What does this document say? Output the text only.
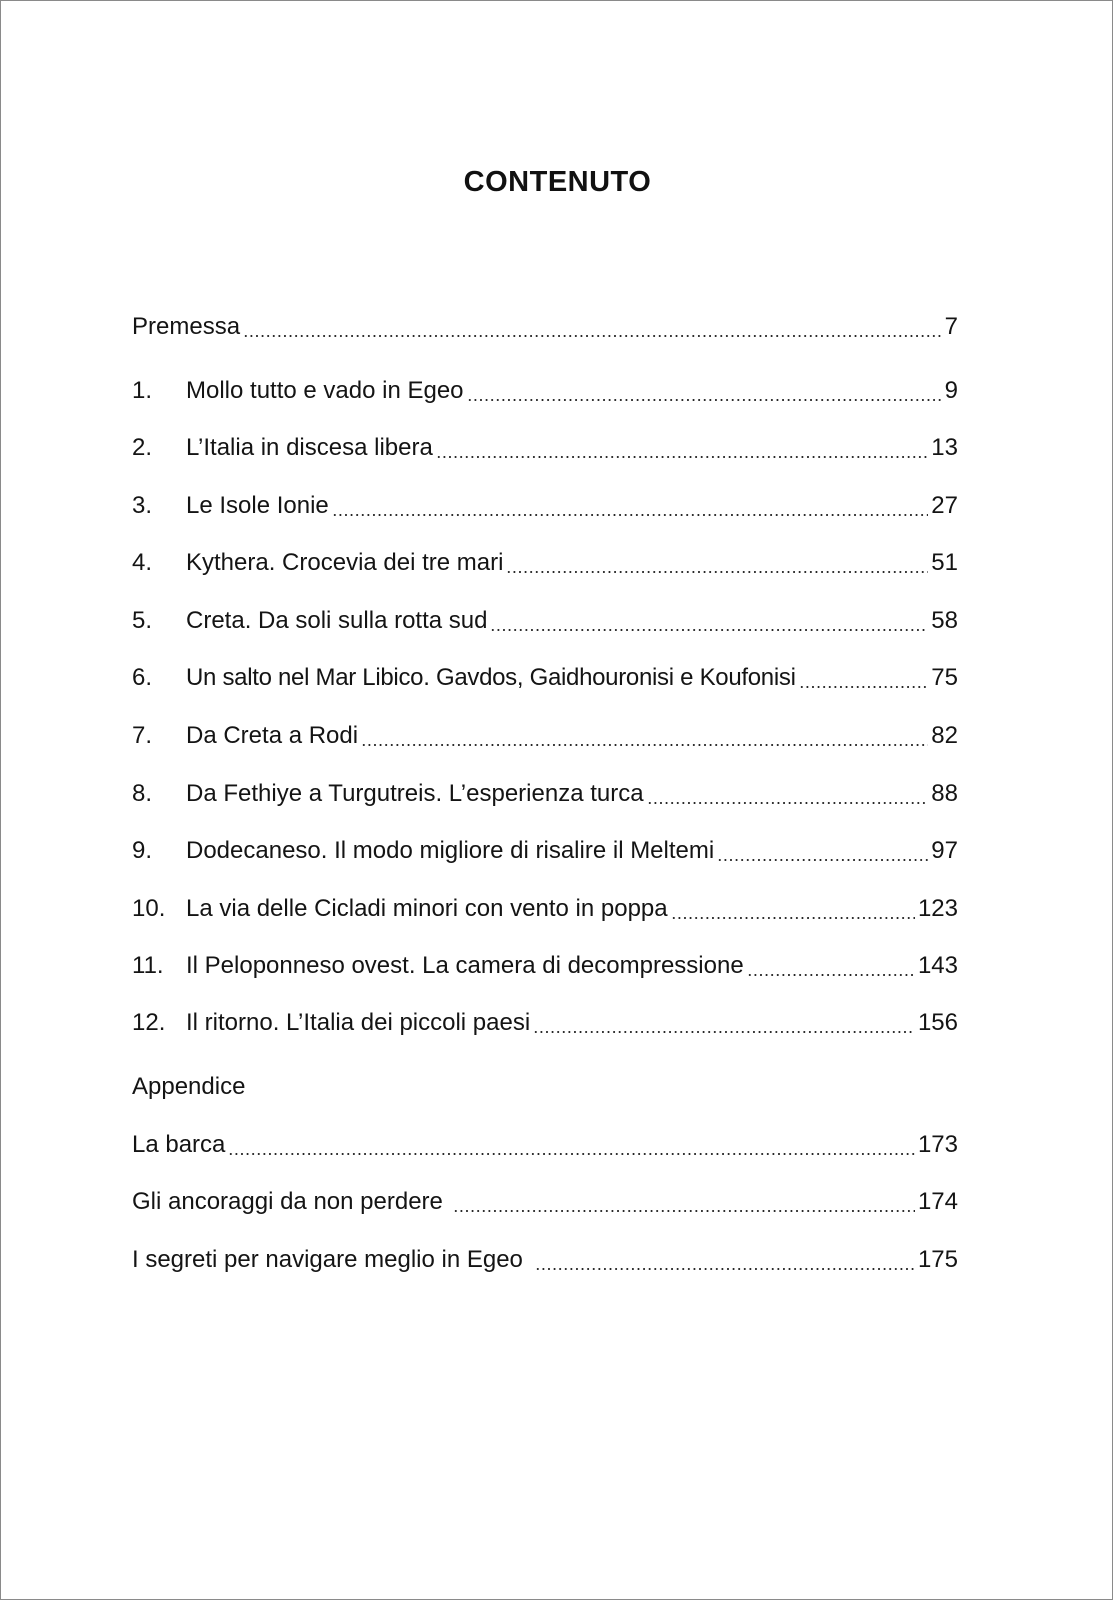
CONTENUTO
Premessa	7
1.	Mollo tutto e vado in Egeo	9
2.	L’Italia in discesa libera	13
3.	Le Isole Ionie	27
4.	Kythera. Crocevia dei tre mari	51
5.	Creta. Da soli sulla rotta sud	58
6.	Un salto nel Mar Libico. Gavdos, Gaidhouronisi e Koufonisi	75
7.	Da Creta a Rodi	82
8.	Da Fethiye a Turgutreis. L’esperienza turca	88
9.	Dodecaneso. Il modo migliore di risalire il Meltemi	97
10. La via delle Cicladi minori con vento in poppa	123
11. Il Peloponneso ovest. La camera di decompressione	143
12. Il ritorno. L’Italia dei piccoli paesi	156
Appendice
La barca	173
Gli ancoraggi da non perdere	174
I segreti per navigare meglio in Egeo	175
